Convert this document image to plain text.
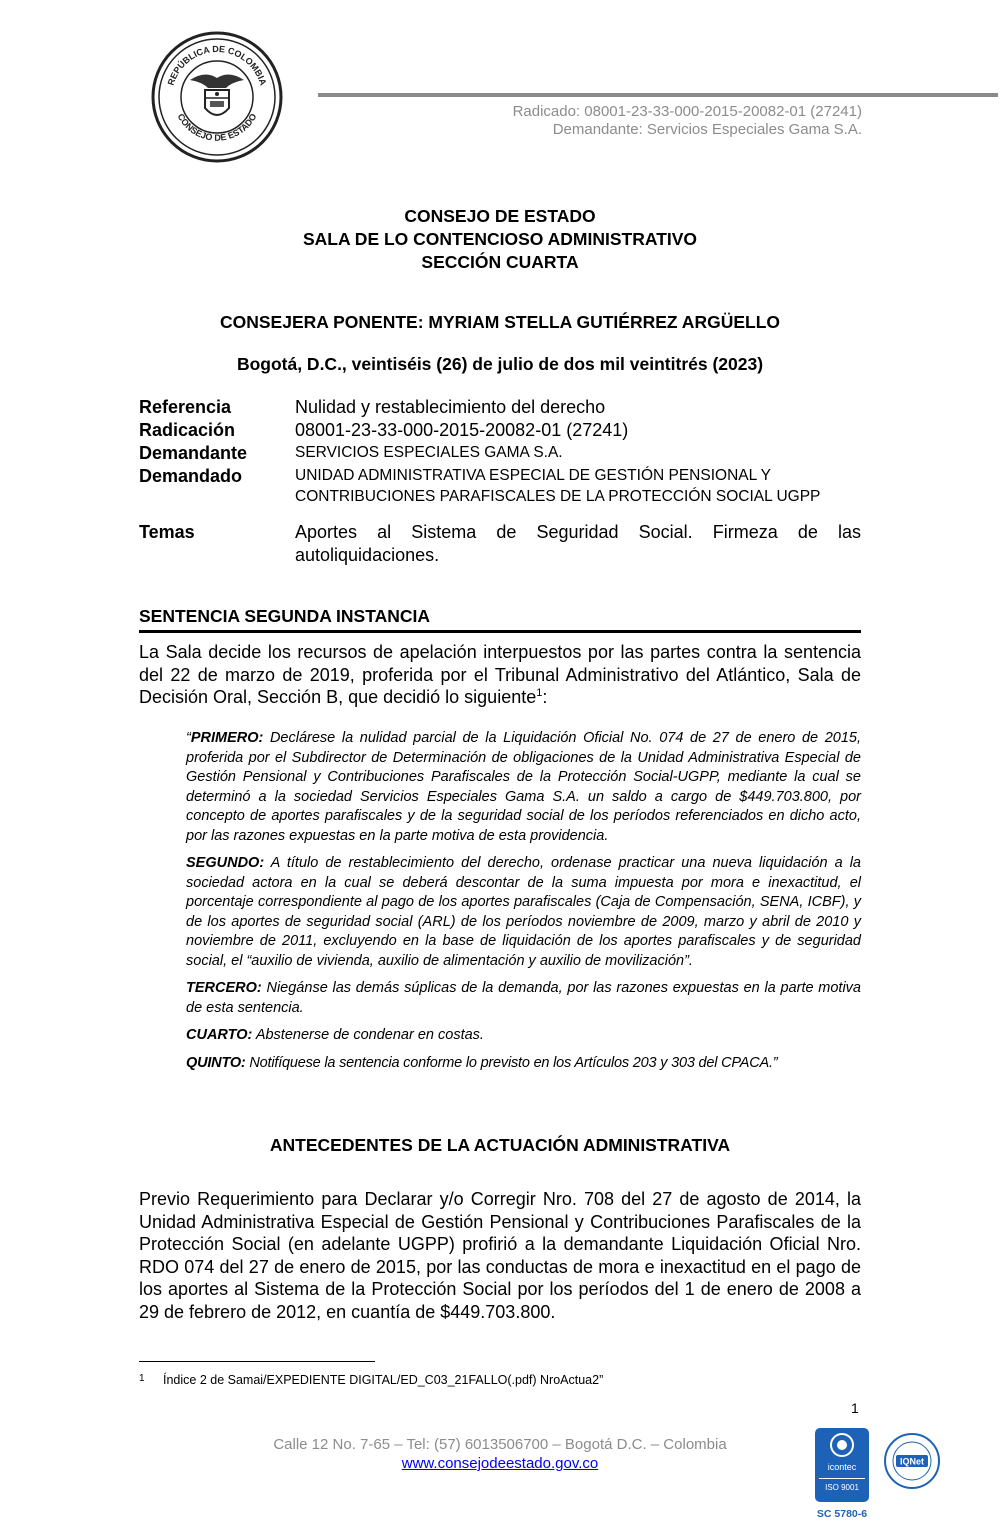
REPÚBLICA DE COLOMBIA
CONSEJO DE ESTADO	Radicado: 08001-23-33-000-2015-20082-01 (27241)
Demandante: Servicios Especiales Gama S.A.
CONSEJO DE ESTADO
SALA DE LO CONTENCIOSO ADMINISTRATIVO
SECCIÓN CUARTA
CONSEJERA PONENTE: MYRIAM STELLA GUTIÉRREZ ARGÜELLO
Bogotá, D.C., veintiséis (26) de julio de dos mil veintitrés (2023)
Referencia	Nulidad y restablecimiento del derecho
Radicación	08001-23-33-000-2015-20082-01 (27241)
Demandante	SERVICIOS ESPECIALES GAMA S.A.
Demandado	UNIDAD ADMINISTRATIVA ESPECIAL DE GESTIÓN PENSIONAL Y CONTRIBUCIONES PARAFISCALES DE LA PROTECCIÓN SOCIAL UGPP
Temas	Aportes al Sistema de Seguridad Social. Firmeza de las autoliquidaciones.
SENTENCIA SEGUNDA INSTANCIA
La Sala decide los recursos de apelación interpuestos por las partes contra la sentencia del 22 de marzo de 2019, proferida por el Tribunal Administrativo del Atlántico, Sala de Decisión Oral, Sección B, que decidió lo siguiente$^1$:

“PRIMERO: Declárese la nulidad parcial de la Liquidación Oficial No. 074 de 27 de enero de 2015, proferida por el Subdirector de Determinación de obligaciones de la Unidad Administrativa Especial de Gestión Pensional y Contribuciones Parafiscales de la Protección Social-UGPP, mediante la cual se determinó a la sociedad Servicios Especiales Gama S.A. un saldo a cargo de $449.703.800, por concepto de aportes parafiscales y de la seguridad social de los períodos referenciados en dicho acto, por las razones expuestas en la parte motiva de esta providencia.

SEGUNDO: A título de restablecimiento del derecho, ordenase practicar una nueva liquidación a la sociedad actora en la cual se deberá descontar de la suma impuesta por mora e inexactitud, el porcentaje correspondiente al pago de los aportes parafiscales (Caja de Compensación, SENA, ICBF), y de los aportes de seguridad social (ARL) de los períodos noviembre de 2009, marzo y abril de 2010 y noviembre de 2011, excluyendo en la base de liquidación de los aportes parafiscales y de seguridad social, el “auxilio de vivienda, auxilio de alimentación y auxilio de movilización”.

TERCERO: Niegánse las demás súplicas de la demanda, por las razones expuestas en la parte motiva de esta sentencia.

CUARTO: Abstenerse de condenar en costas.

QUINTO: Notifíquese la sentencia conforme lo previsto en los Artículos 203 y 303 del CPACA.”

ANTECEDENTES DE LA ACTUACIÓN ADMINISTRATIVA
Previo Requerimiento para Declarar y/o Corregir Nro. 708 del 27 de agosto de 2014, la Unidad Administrativa Especial de Gestión Pensional y Contribuciones Parafiscales de la Protección Social (en adelante UGPP) profirió a la demandante Liquidación Oficial Nro. RDO 074 del 27 de enero de 2015, por las conductas de mora e inexactitud en el pago de los aportes al Sistema de la Protección Social por los períodos del 1 de enero de 2008 a 29 de febrero de 2012, en cuantía de $449.703.800.
1 Índice 2 de Samai/EXPEDIENTE DIGITAL/ED_C03_21FALLO(.pdf) NroActua2”
1
Calle 12 No. 7-65 – Tel: (57) 6013506700 – Bogotá D.C. – Colombia
www.consejodeestado.gov.co	icontec
ISO 9001
IQNet
SC 5780-6
